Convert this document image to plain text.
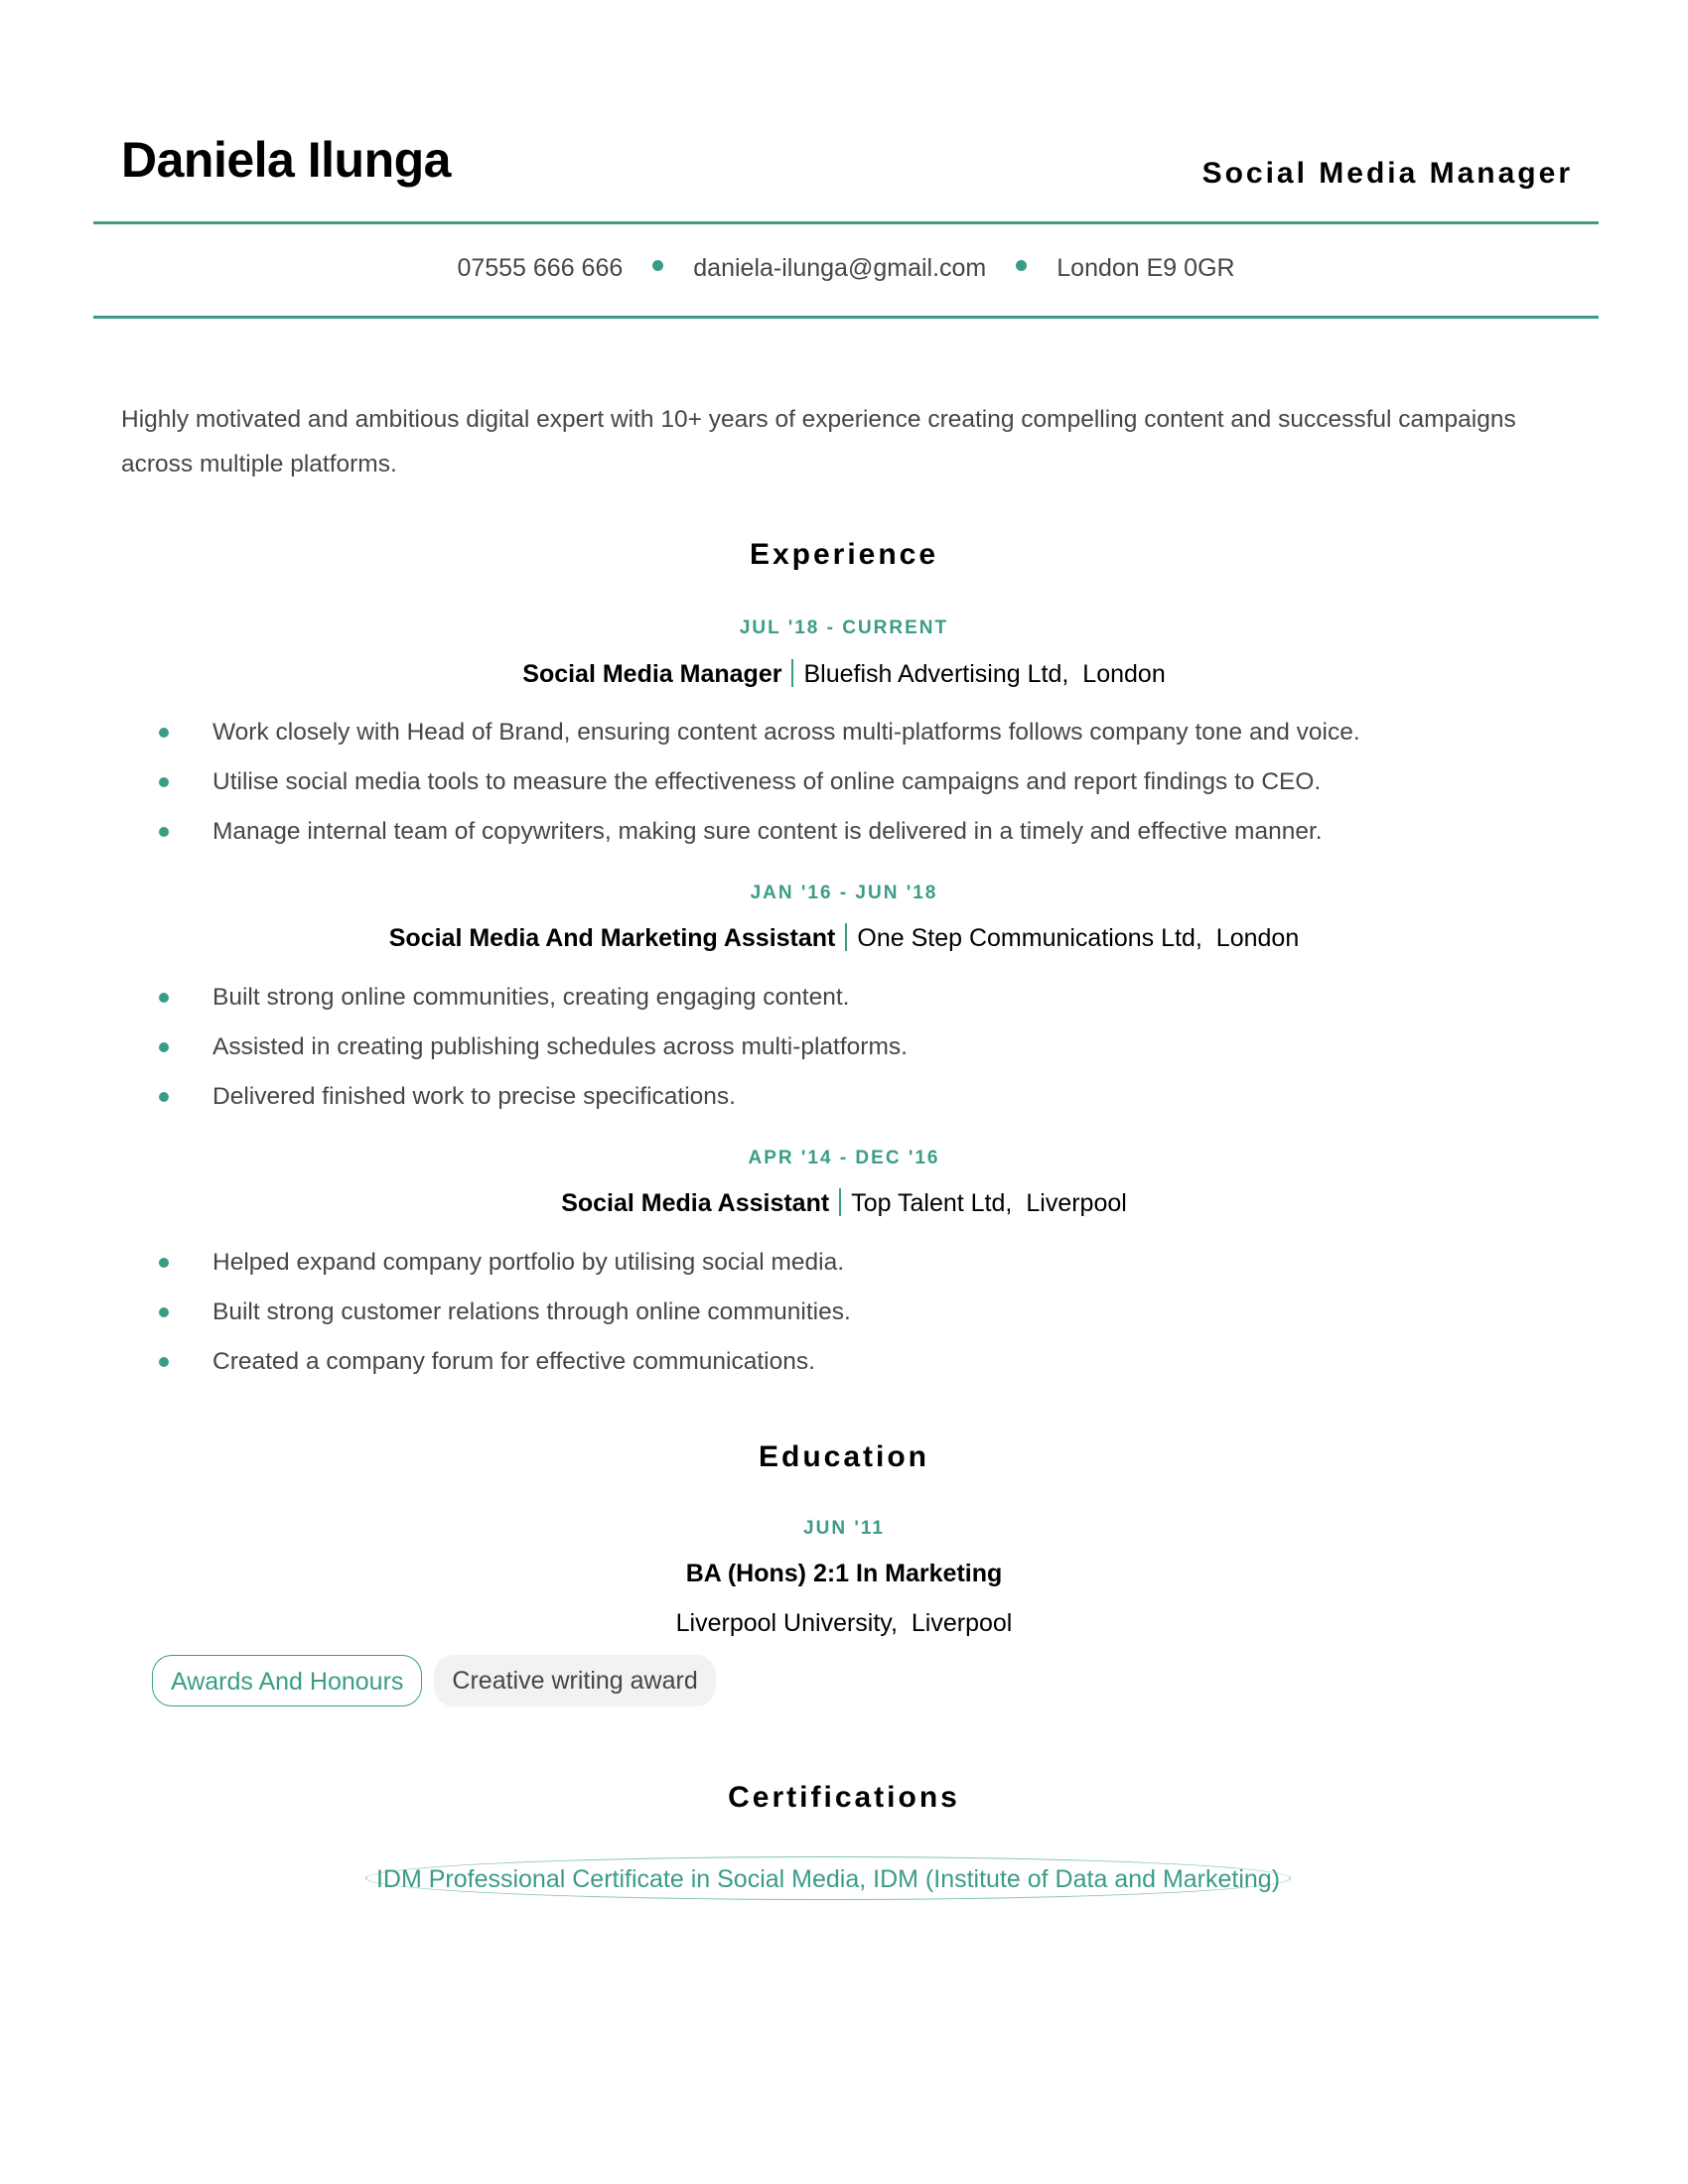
Daniela Ilunga	Social Media Manager
07555 666 666	daniela-ilunga@gmail.com	London E9 0GR

Highly motivated and ambitious digital expert with 10+ years of experience creating compelling content and successful campaigns across multiple platforms.

Experience
JUL '18 - CURRENT
Social Media Manager Bluefish Advertising Ltd, London
Work closely with Head of Brand, ensuring content across multi-platforms follows company tone and voice.
Utilise social media tools to measure the effectiveness of online campaigns and report findings to CEO.
Manage internal team of copywriters, making sure content is delivered in a timely and effective manner.
JAN '16 - JUN '18
Social Media And Marketing Assistant One Step Communications Ltd, London
Built strong online communities, creating engaging content.
Assisted in creating publishing schedules across multi-platforms.
Delivered finished work to precise specifications.
APR '14 - DEC '16
Social Media Assistant Top Talent Ltd, Liverpool
Helped expand company portfolio by utilising social media.
Built strong customer relations through online communities.
Created a company forum for effective communications.
Education
JUN '11
BA (Hons) 2:1 In Marketing
Liverpool University, Liverpool
Awards And Honours	Creative writing award
Certifications
IDM Professional Certificate in Social Media, IDM (Institute of Data and Marketing)
